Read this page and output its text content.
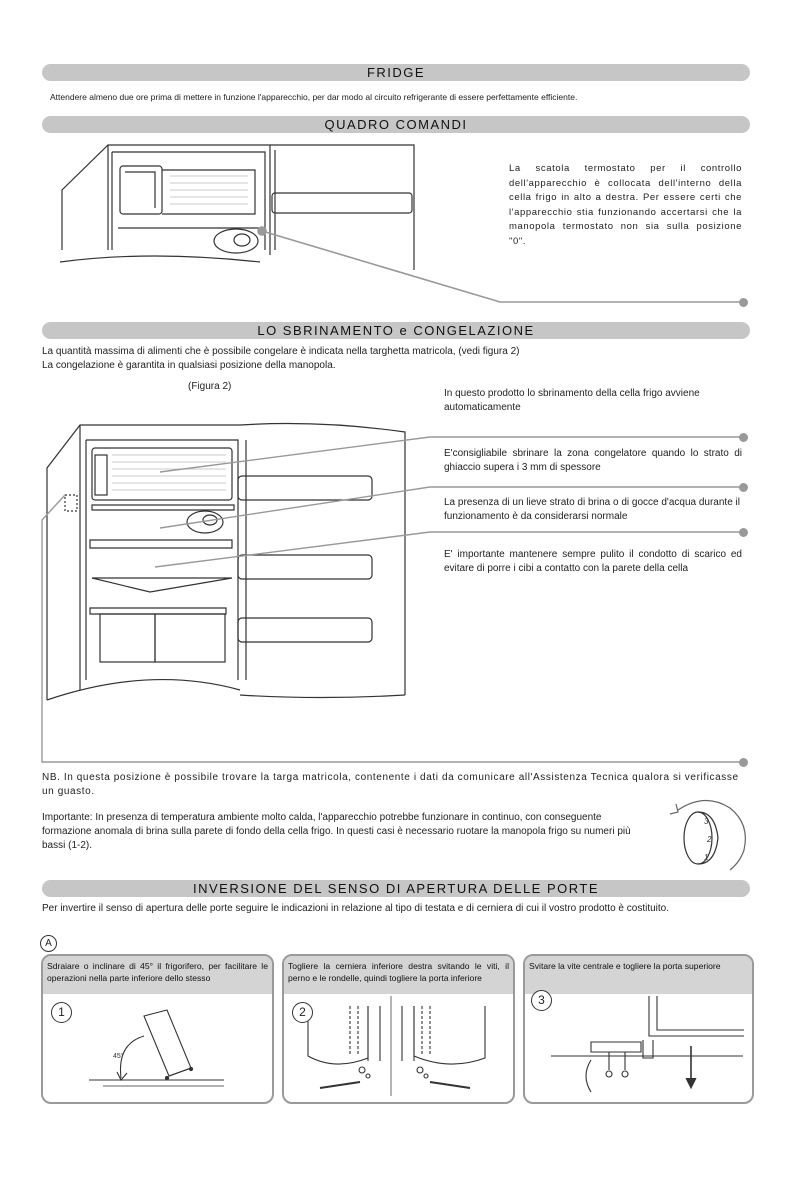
FRIDGE
Attendere almeno due ore prima di mettere in funzione l'apparecchio, per dar modo al circuito refrigerante di essere perfettamente efficiente.
QUADRO COMANDI
La scatola termostato per il controllo dell'apparecchio è collocata dell'interno della cella frigo in alto a destra. Per essere certi che l'apparecchio stia funzionando accertarsi che la manopola termostato non sia sulla posizione "0".
LO SBRINAMENTO e CONGELAZIONE
La quantità massima di alimenti che è possibile congelare è indicata nella targhetta matricola, (vedi figura 2)
La congelazione è garantita in qualsiasi posizione della manopola.
(Figura 2)
In questo prodotto lo sbrinamento della cella frigo avviene automaticamente
E'consigliabile sbrinare la zona congelatore quando lo strato di ghiaccio supera i 3 mm di spessore
La presenza di un lieve strato di brina o di gocce d'acqua durante il funzionamento è da considerarsi normale
E' importante mantenere sempre pulito il condotto di scarico ed evitare di porre i cibi a contatto con la parete della cella
NB. In questa posizione è possibile trovare la targa matricola, contenente i dati da comunicare all'Assistenza Tecnica qualora si verificasse un guasto.
Importante: In presenza di temperatura ambiente molto calda, l'apparecchio potrebbe funzionare in continuo, con conseguente formazione anomala di brina sulla parete di fondo della cella frigo. In questi casi è necessario ruotare la manopola frigo su numeri più bassi (1-2).
3
2
1
INVERSIONE DEL SENSO DI APERTURA DELLE PORTE
Per invertire il senso di apertura delle porte seguire le indicazioni in relazione al tipo di testata e di cerniera di cui il vostro prodotto è costituito.
A
Sdraiare o inclinare di 45° il frigorifero, per facilitare le operazioni nella parte inferiore dello stesso
45°
1
Togliere la cerniera inferiore destra svitando le viti, il perno e le rondelle, quindi togliere la porta inferiore
2
Svitare la vite centrale e togliere la porta superiore
3
